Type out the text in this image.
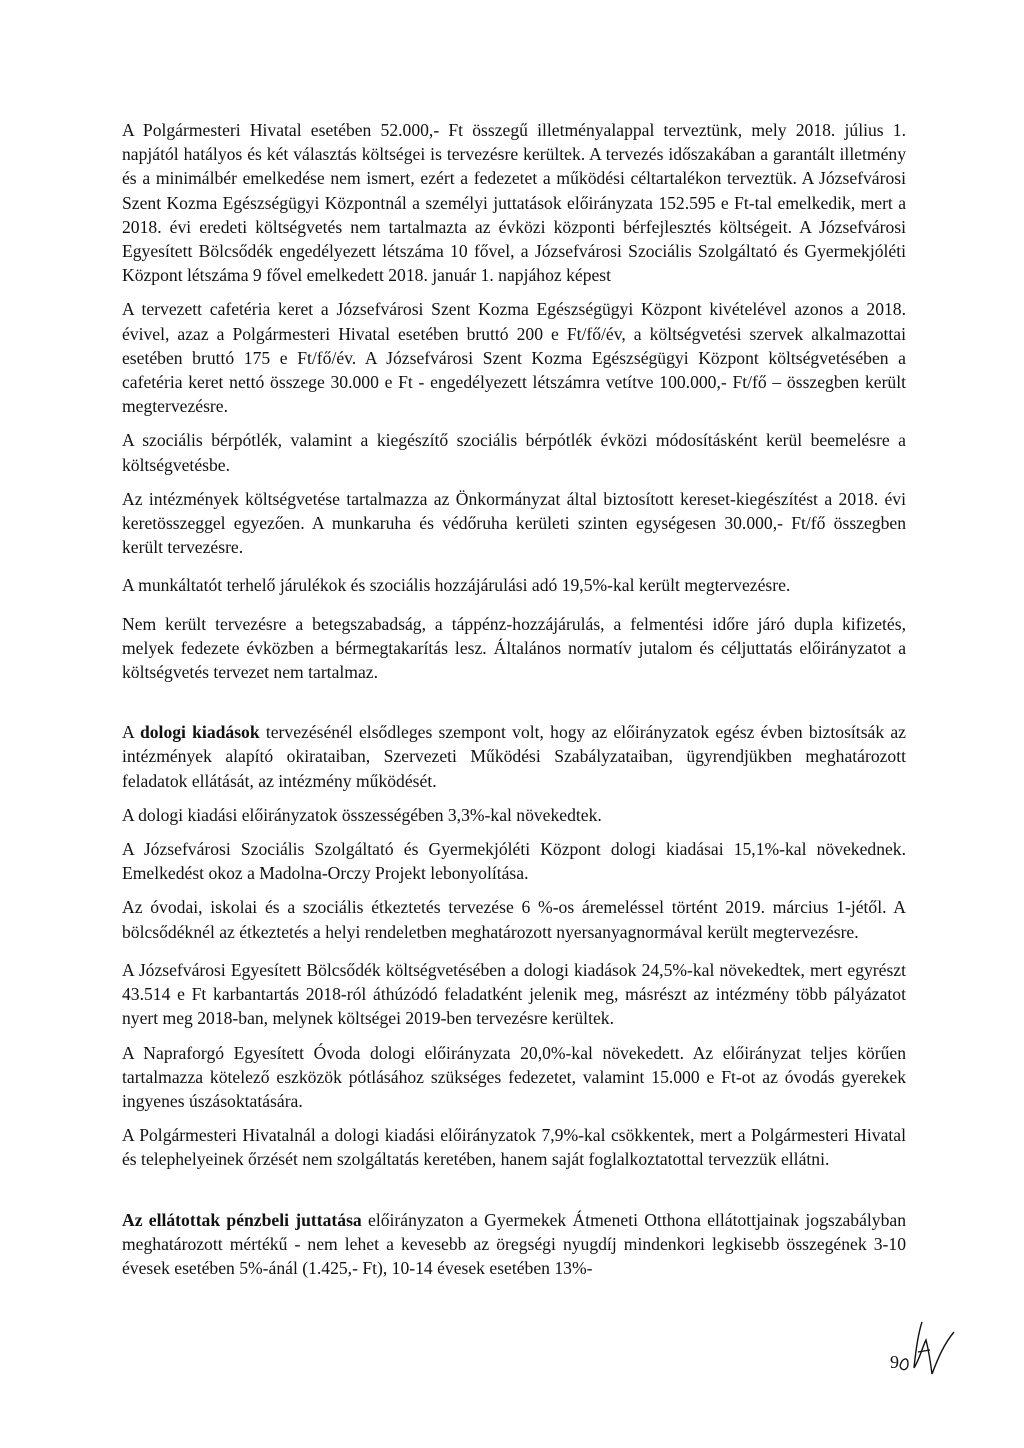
A Polgármesteri Hivatal esetében 52.000,- Ft összegű illetményalappal terveztünk, mely 2018. július 1. napjától hatályos és két választás költségei is tervezésre kerültek. A tervezés időszakában a garantált illetmény és a minimálbér emelkedése nem ismert, ezért a fedezetet a működési céltartalékon terveztük. A Józsefvárosi Szent Kozma Egészségügyi Központnál a személyi juttatások előirányzata 152.595 e Ft-tal emelkedik, mert a 2018. évi eredeti költségvetés nem tartalmazta az évközi központi bérfejlesztés költségeit. A Józsefvárosi Egyesített Bölcsődék engedélyezett létszáma 10 fővel, a Józsefvárosi Szociális Szolgáltató és Gyermekjóléti Központ létszáma 9 fővel emelkedett 2018. január 1. napjához képest

A tervezett cafetéria keret a Józsefvárosi Szent Kozma Egészségügyi Központ kivételével azonos a 2018. évivel, azaz a Polgármesteri Hivatal esetében bruttó 200 e Ft/fő/év, a költségvetési szervek alkalmazottai esetében bruttó 175 e Ft/fő/év. A Józsefvárosi Szent Kozma Egészségügyi Központ költségvetésében a cafetéria keret nettó összege 30.000 e Ft - engedélyezett létszámra vetítve 100.000,- Ft/fő – összegben került megtervezésre.

A szociális bérpótlék, valamint a kiegészítő szociális bérpótlék évközi módosításként kerül beemelésre a költségvetésbe.

Az intézmények költségvetése tartalmazza az Önkormányzat által biztosított kereset-kiegészítést a 2018. évi keretösszeggel egyezően. A munkaruha és védőruha kerületi szinten egységesen 30.000,- Ft/fő összegben került tervezésre.

A munkáltatót terhelő járulékok és szociális hozzájárulási adó 19,5%-kal került megtervezésre.

Nem került tervezésre a betegszabadság, a táppénz-hozzájárulás, a felmentési időre járó dupla kifizetés, melyek fedezete évközben a bérmegtakarítás lesz. Általános normatív jutalom és céljuttatás előirányzatot a költségvetés tervezet nem tartalmaz.

A dologi kiadások tervezésénél elsődleges szempont volt, hogy az előirányzatok egész évben biztosítsák az intézmények alapító okirataiban, Szervezeti Működési Szabályzataiban, ügyrendjükben meghatározott feladatok ellátását, az intézmény működését.

A dologi kiadási előirányzatok összességében 3,3%-kal növekedtek.

A Józsefvárosi Szociális Szolgáltató és Gyermekjóléti Központ dologi kiadásai 15,1%-kal növekednek. Emelkedést okoz a Madolna-Orczy Projekt lebonyolítása.

Az óvodai, iskolai és a szociális étkeztetés tervezése 6 %-os áremeléssel történt 2019. március 1-jétől. A bölcsődéknél az étkeztetés a helyi rendeletben meghatározott nyersanyagnormával került megtervezésre.

A Józsefvárosi Egyesített Bölcsődék költségvetésében a dologi kiadások 24,5%-kal növekedtek, mert egyrészt 43.514 e Ft karbantartás 2018-ról áthúzódó feladatként jelenik meg, másrészt az intézmény több pályázatot nyert meg 2018-ban, melynek költségei 2019-ben tervezésre kerültek.

A Napraforgó Egyesített Óvoda dologi előirányzata 20,0%-kal növekedett. Az előirányzat teljes körűen tartalmazza kötelező eszközök pótlásához szükséges fedezetet, valamint 15.000 e Ft-ot az óvodás gyerekek ingyenes úszásoktatására.

A Polgármesteri Hivatalnál a dologi kiadási előirányzatok 7,9%-kal csökkentek, mert a Polgármesteri Hivatal és telephelyeinek őrzését nem szolgáltatás keretében, hanem saját foglalkoztatottal tervezzük ellátni.

Az ellátottak pénzbeli juttatása előirányzaton a Gyermekek Átmeneti Otthona ellátottjainak jogszabályban meghatározott mértékű - nem lehet a kevesebb az öregségi nyugdíj mindenkori legkisebb összegének 3-10 évesek esetében 5%-ánál (1.425,- Ft), 10-14 évesek esetében 13%-

9
